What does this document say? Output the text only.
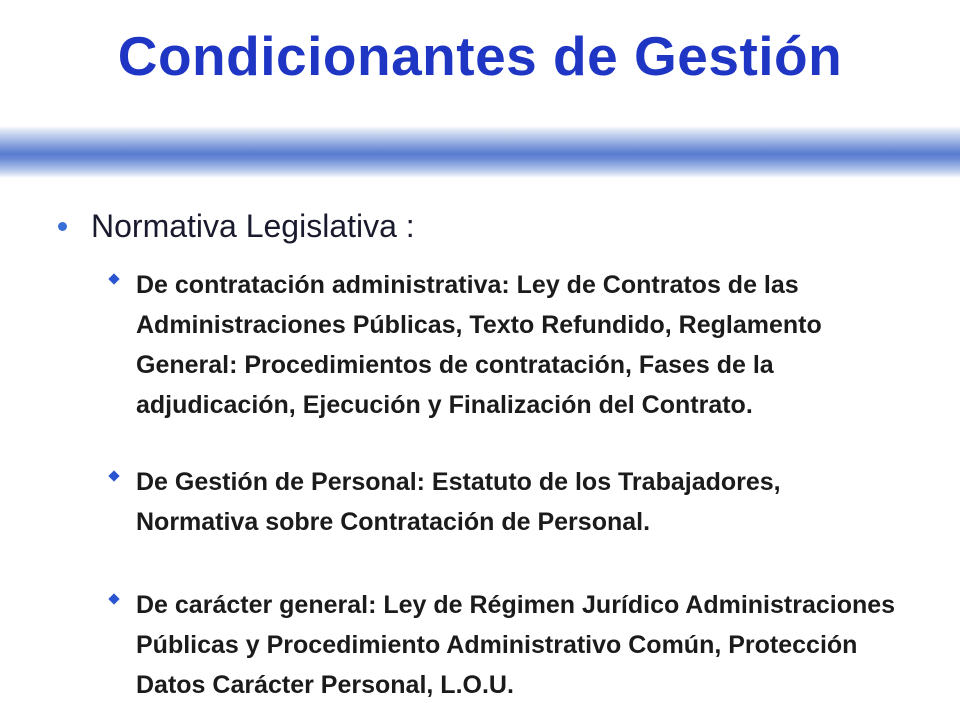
Condicionantes de Gestión
Normativa Legislativa :
De contratación administrativa: Ley de Contratos de las Administraciones Públicas, Texto Refundido, Reglamento General: Procedimientos de contratación, Fases de la adjudicación, Ejecución y Finalización del Contrato.
De Gestión de Personal: Estatuto de los Trabajadores, Normativa sobre Contratación de Personal.
De carácter general: Ley de Régimen Jurídico Administraciones Públicas y Procedimiento Administrativo Común, Protección Datos Carácter Personal, L.O.U.
